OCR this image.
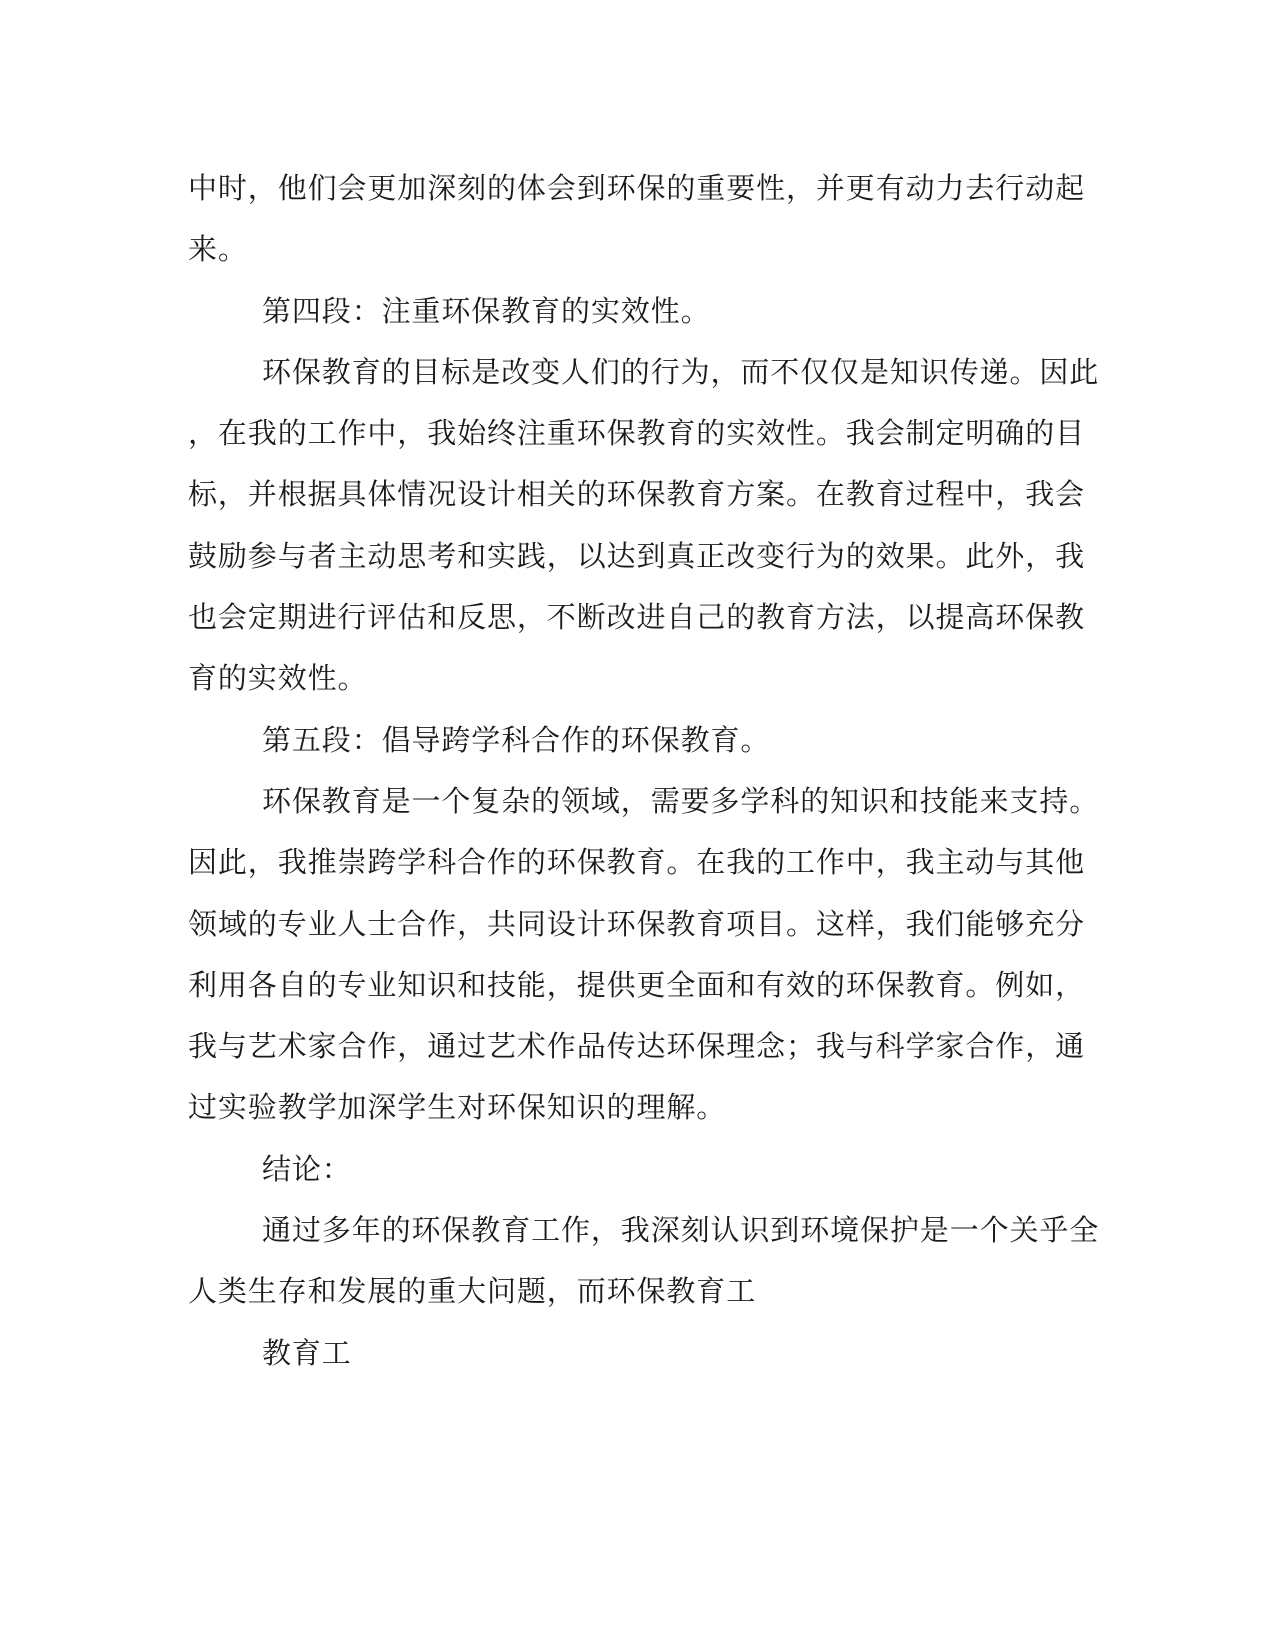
中时，他们会更加深刻的体会到环保的重要性，并更有动力去行动起
来。
第四段：注重环保教育的实效性。
环保教育的目标是改变人们的行为，而不仅仅是知识传递。因此
，在我的工作中，我始终注重环保教育的实效性。我会制定明确的目
标，并根据具体情况设计相关的环保教育方案。在教育过程中，我会
鼓励参与者主动思考和实践，以达到真正改变行为的效果。此外，我
也会定期进行评估和反思，不断改进自己的教育方法，以提高环保教
育的实效性。
第五段：倡导跨学科合作的环保教育。
环保教育是一个复杂的领域，需要多学科的知识和技能来支持。
因此，我推崇跨学科合作的环保教育。在我的工作中，我主动与其他
领域的专业人士合作，共同设计环保教育项目。这样，我们能够充分
利用各自的专业知识和技能，提供更全面和有效的环保教育。例如，
我与艺术家合作，通过艺术作品传达环保理念；我与科学家合作，通
过实验教学加深学生对环保知识的理解。
结论：
通过多年的环保教育工作，我深刻认识到环境保护是一个关乎全
人类生存和发展的重大问题，而环保教育工
教育工
